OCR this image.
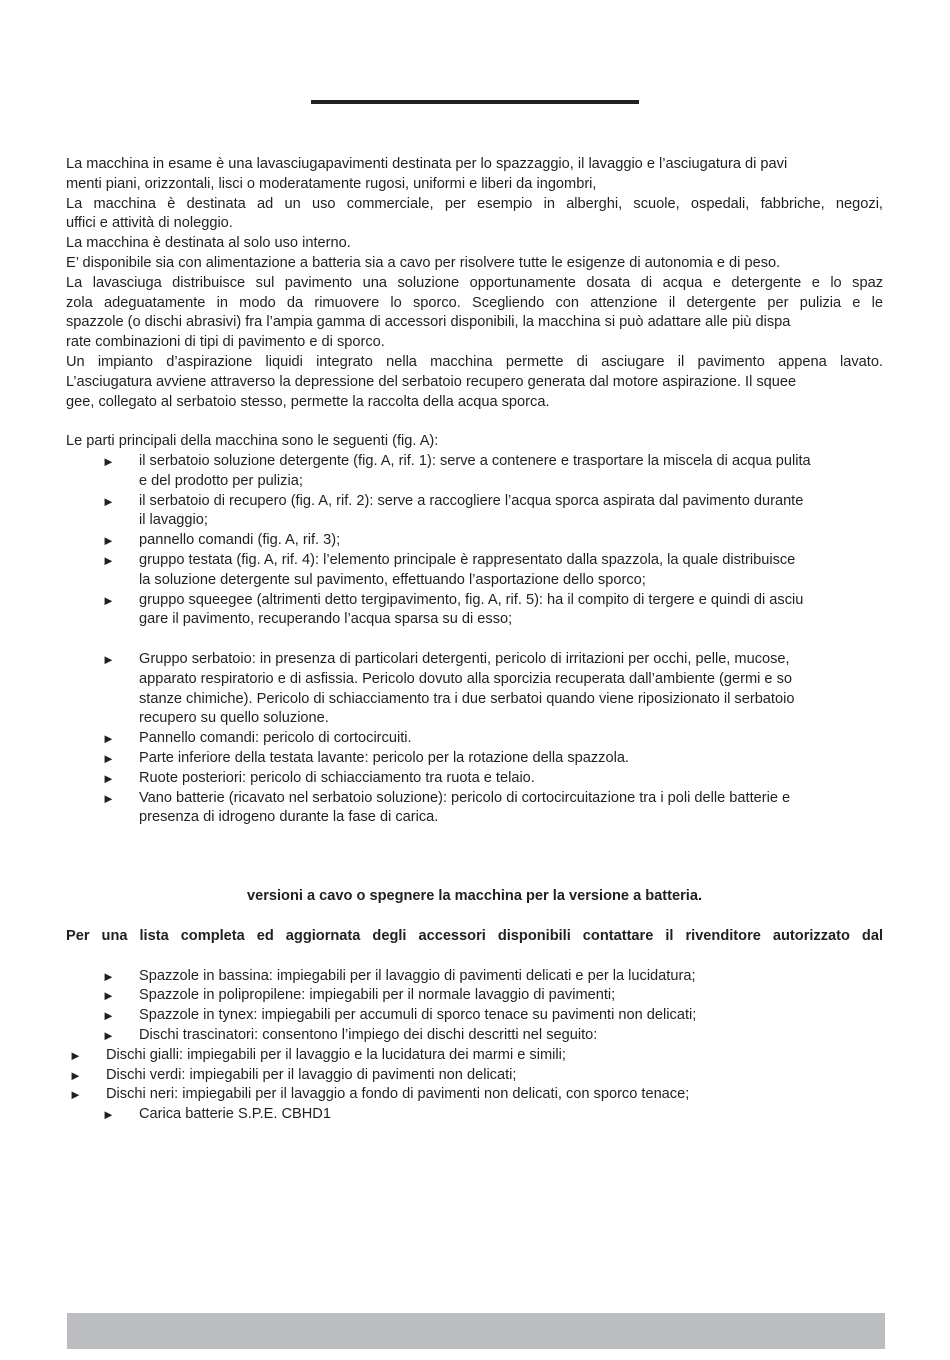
La macchina in esame è una lavasciugapavimenti destinata per lo spazzaggio, il lavaggio e l’asciugatura di pavi
menti piani, orizzontali, lisci o moderatamente rugosi, uniformi e liberi da ingombri,
La macchina è destinata ad un uso commerciale, per esempio in alberghi, scuole, ospedali, fabbriche, negozi,
uffici e attività di noleggio.
La macchina è destinata al solo uso interno.
E’ disponibile sia con alimentazione a batteria sia a cavo per risolvere tutte le esigenze di autonomia e di peso.
La lavasciuga distribuisce sul pavimento una soluzione opportunamente dosata di acqua e detergente e lo spaz
zola adeguatamente in modo da rimuovere lo sporco. Scegliendo con attenzione il detergente per pulizia e le
spazzole (o dischi abrasivi) fra l’ampia gamma di accessori disponibili, la macchina si può adattare alle più dispa
rate combinazioni di tipi di pavimento e di sporco.
Un impianto d’aspirazione liquidi integrato nella macchina permette di asciugare il pavimento appena lavato.
L’asciugatura avviene attraverso la depressione del serbatoio recupero generata dal motore aspirazione. Il squee
gee, collegato al serbatoio stesso, permette la raccolta della acqua sporca.
Le parti principali della macchina sono le seguenti (fig. A):
► il serbatoio soluzione detergente (fig. A, rif. 1): serve a contenere e trasportare la miscela di acqua pulita
e del prodotto per pulizia;
► il serbatoio di recupero (fig. A, rif. 2): serve a raccogliere l’acqua sporca aspirata dal pavimento durante
il lavaggio;
► pannello comandi (fig. A, rif. 3);
► gruppo testata (fig. A, rif. 4): l’elemento principale è rappresentato dalla spazzola, la quale distribuisce
la soluzione detergente sul pavimento, effettuando l’asportazione dello sporco;
► gruppo squeegee (altrimenti detto tergipavimento, fig. A, rif. 5): ha il compito di tergere e quindi di asciu
gare il pavimento, recuperando l’acqua sparsa su di esso;
► Gruppo serbatoio: in presenza di particolari detergenti, pericolo di irritazioni per occhi, pelle, mucose,
apparato respiratorio e di asfissia. Pericolo dovuto alla sporcizia recuperata dall’ambiente (germi e so
stanze chimiche). Pericolo di schiacciamento tra i due serbatoi quando viene riposizionato il serbatoio
recupero su quello soluzione.
► Pannello comandi: pericolo di cortocircuiti.
► Parte inferiore della testata lavante: pericolo per la rotazione della spazzola.
► Ruote posteriori: pericolo di schiacciamento tra ruota e telaio.
► Vano batterie (ricavato nel serbatoio soluzione): pericolo di cortocircuitazione tra i poli delle batterie e
presenza di idrogeno durante la fase di carica.
versioni a cavo o spegnere la macchina per la versione a batteria.
Per una lista completa ed aggiornata degli accessori disponibili contattare il rivenditore autorizzato dal
► Spazzole in bassina: impiegabili per il lavaggio di pavimenti delicati e per la lucidatura;
► Spazzole in polipropilene: impiegabili per il normale lavaggio di pavimenti;
► Spazzole in tynex: impiegabili per accumuli di sporco tenace su pavimenti non delicati;
► Dischi trascinatori: consentono l’impiego dei dischi descritti nel seguito:
► Dischi gialli: impiegabili per il lavaggio e la lucidatura dei marmi e simili;
► Dischi verdi: impiegabili per il lavaggio di pavimenti non delicati;
► Dischi neri: impiegabili per il lavaggio a fondo di pavimenti non delicati, con sporco tenace;
► Carica batterie S.P.E. CBHD1
